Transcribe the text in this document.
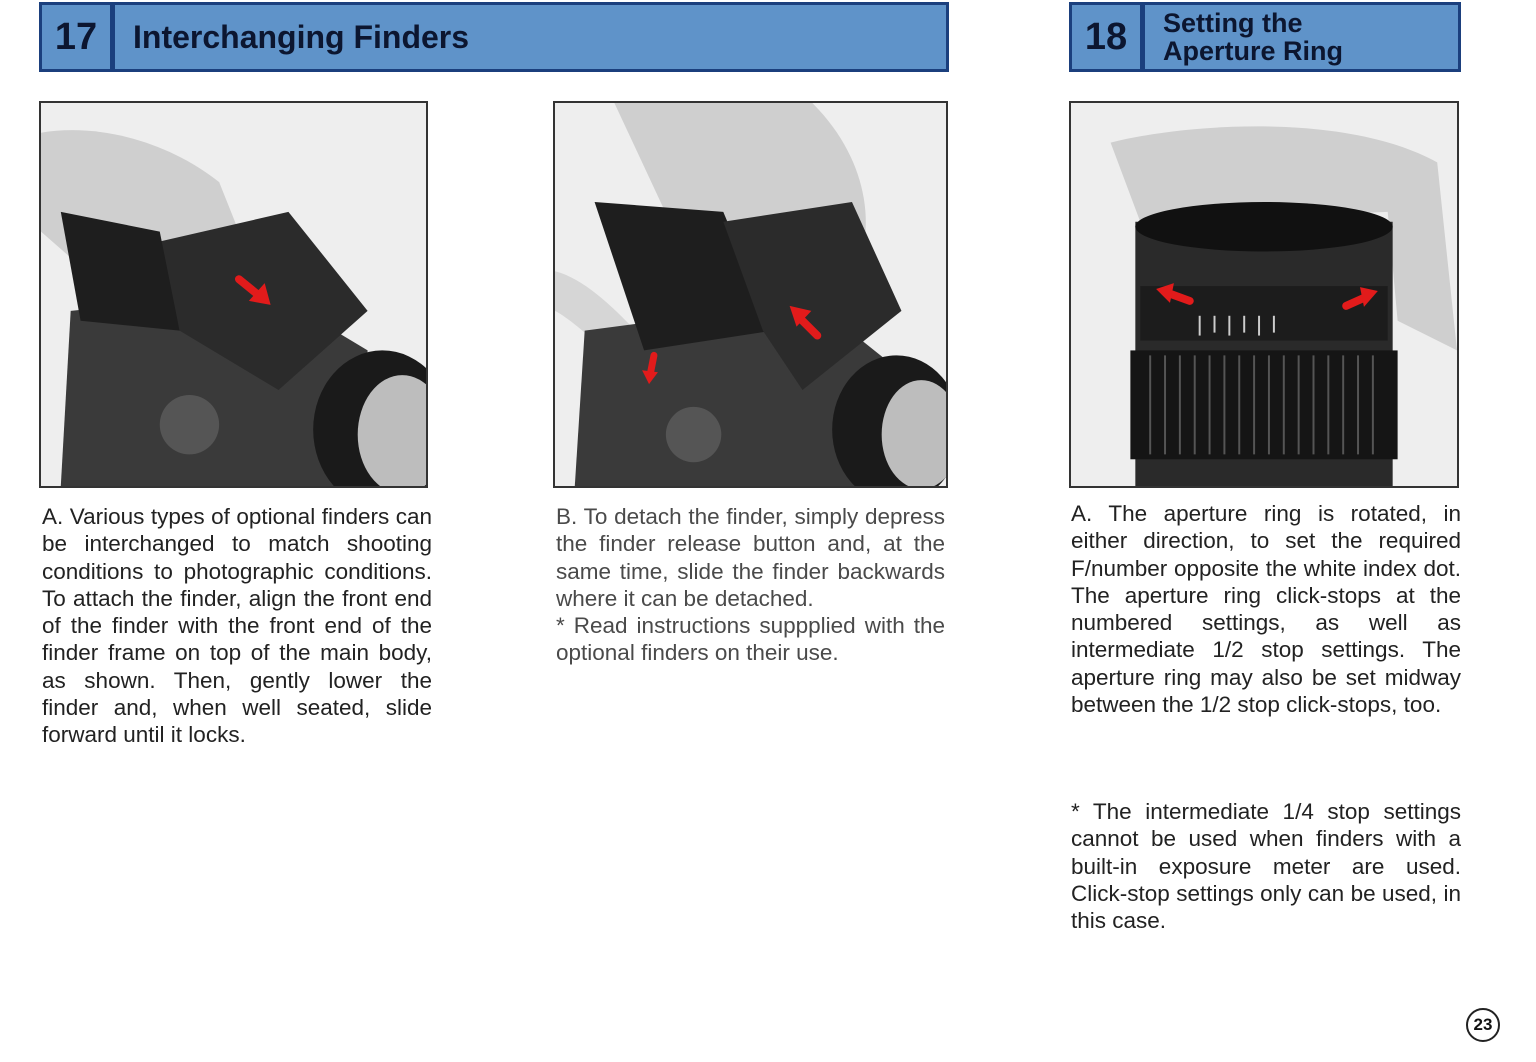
17	Interchanging Finders	18	Setting the
Aperture Ring

A. Various types of optional finders can be interchanged to match shooting conditions to photographic conditions. To attach the finder, align the front end of the finder with the front end of the finder frame on top of the main body, as shown. Then, gently lower the finder and, when well seated, slide forward until it locks.

B. To detach the finder, simply depress the finder release button and, at the same time, slide the finder backwards where it can be detached.

* Read instructions suppplied with the optional finders on their use.

A. The aperture ring is rotated, in either direction, to set the required F/number opposite the white index dot. The aperture ring click-stops at the numbered settings, as well as intermediate 1/2 stop settings. The aperture ring may also be set midway between the 1/2 stop click-stops, too.

* The intermediate 1/4 stop settings cannot be used when finders with a built-in exposure meter are used. Click-stop settings only can be used, in this case.

23
